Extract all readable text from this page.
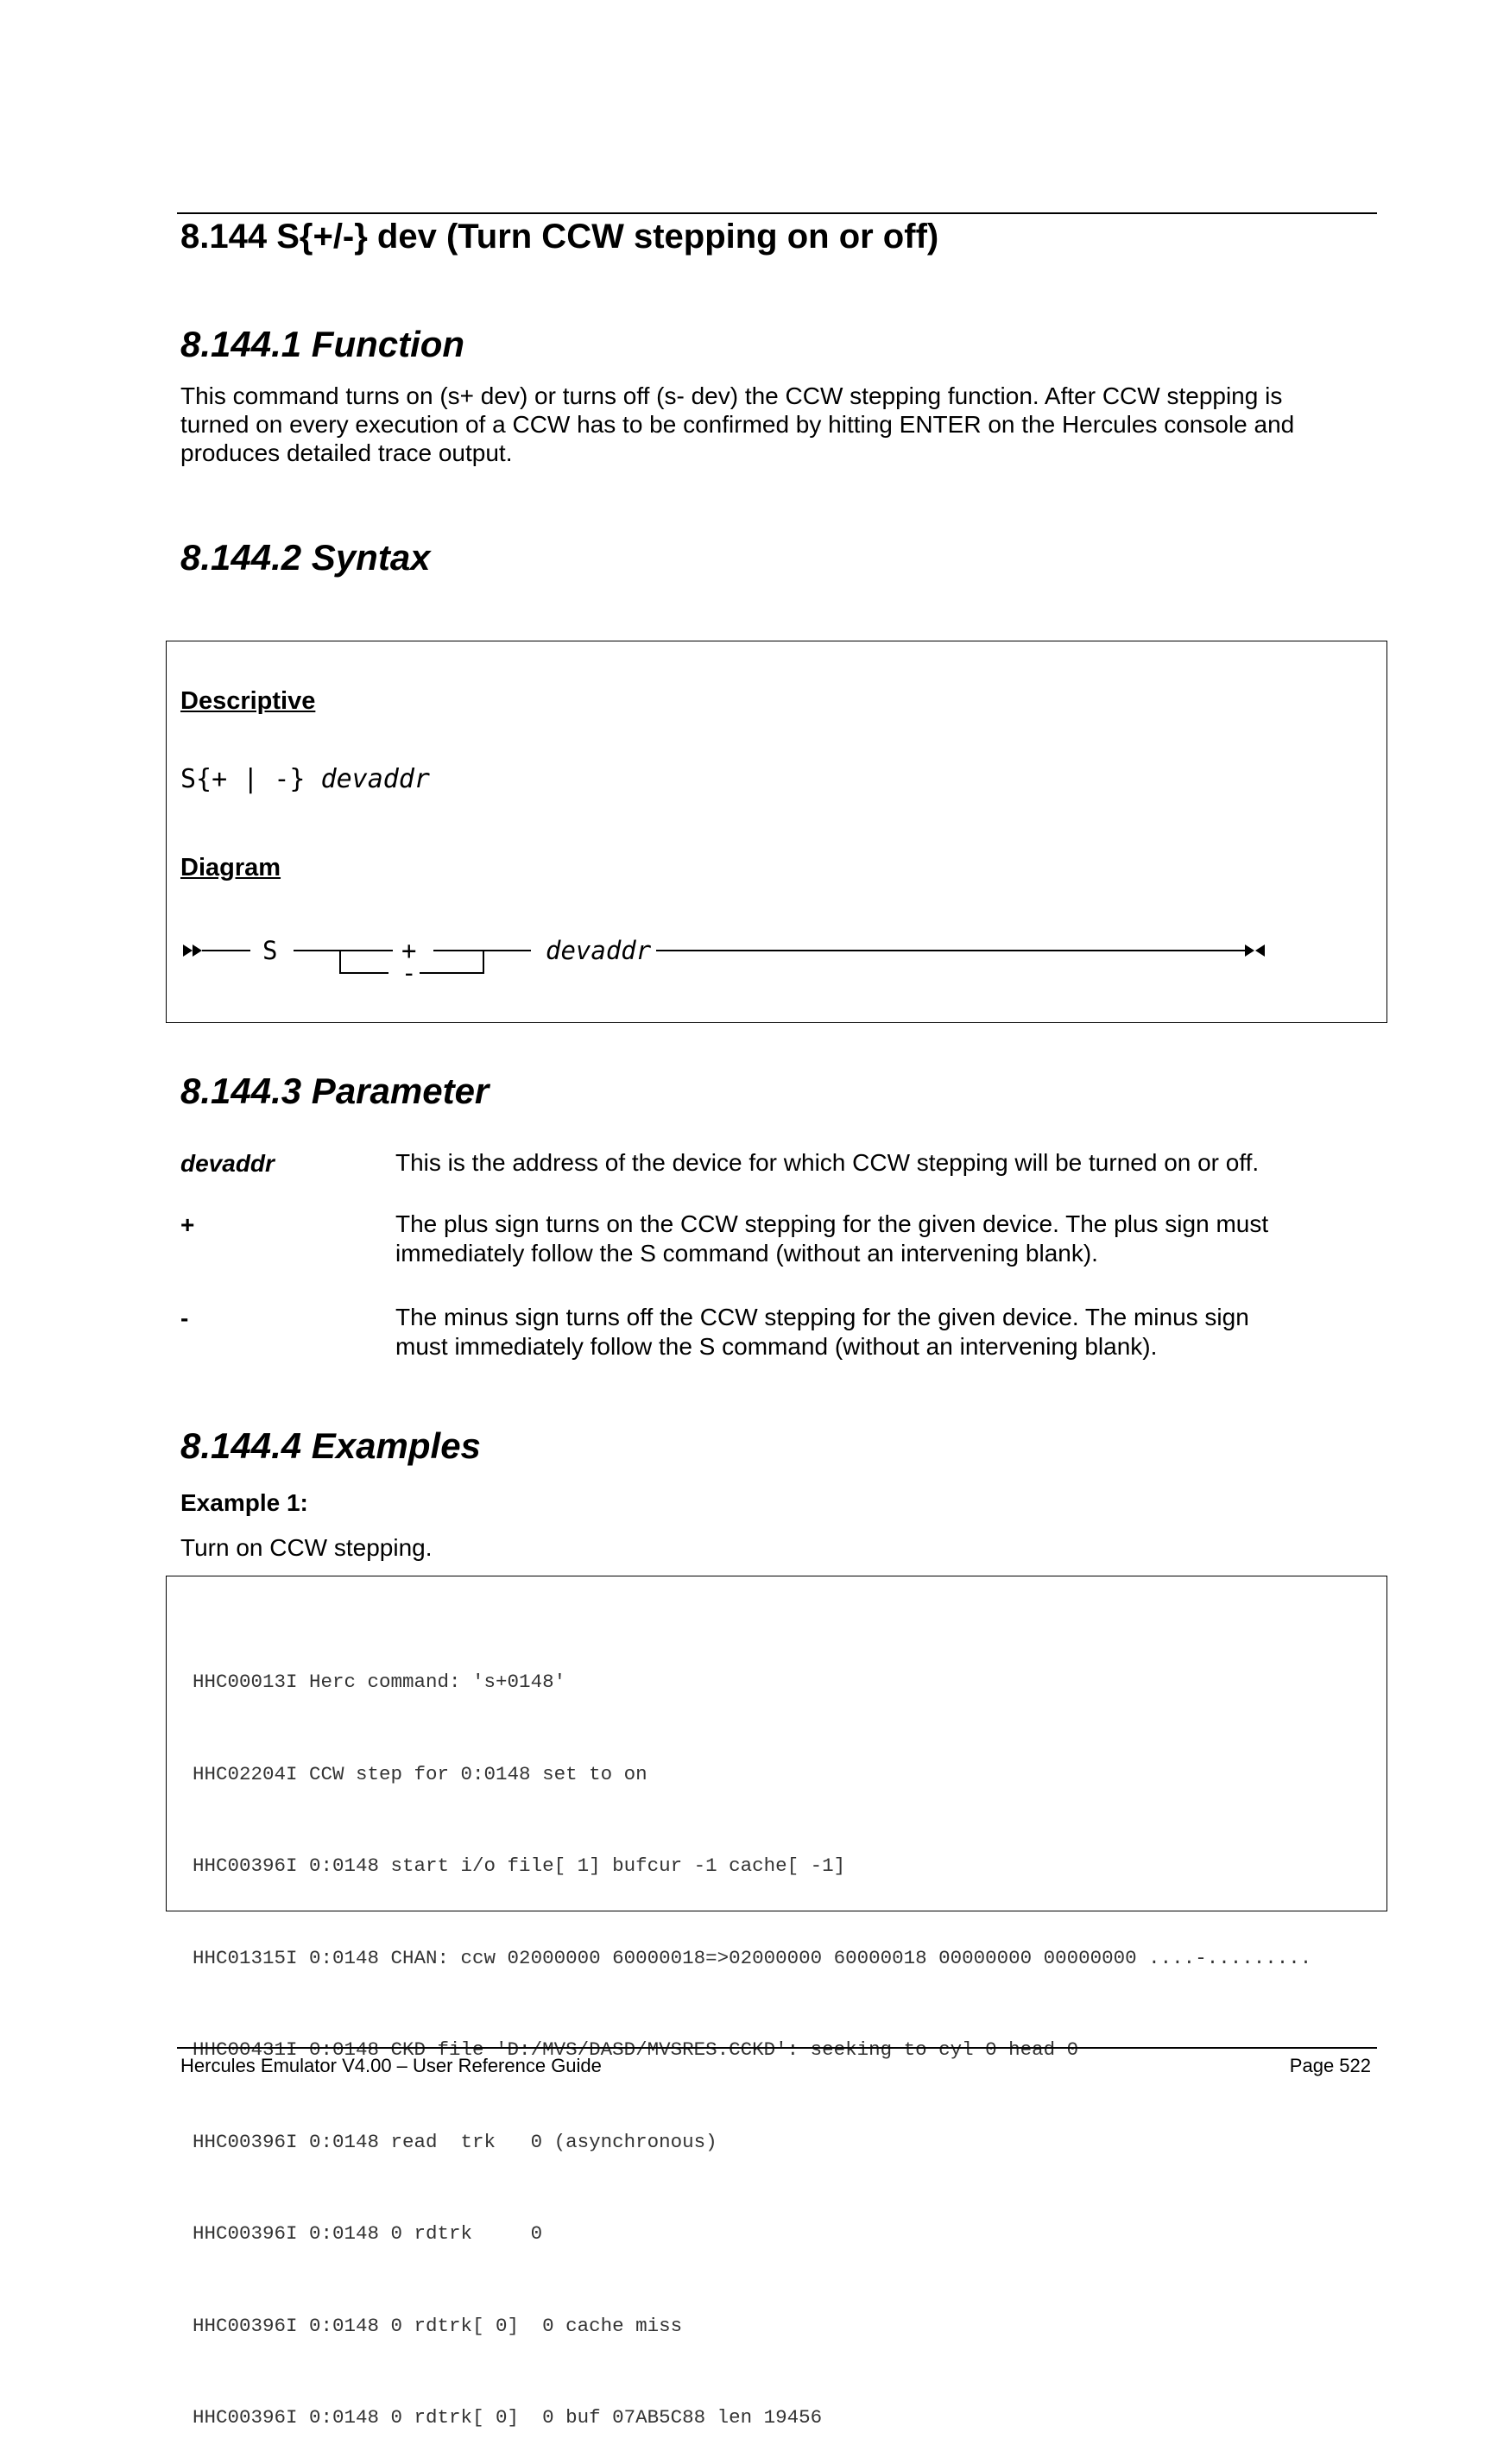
8.144 S{+/-} dev (Turn CCW stepping on or off)
8.144.1 Function
This command turns on (s+ dev) or turns off (s- dev) the CCW stepping function. After CCW stepping is
turned on every execution of a CCW has to be confirmed by hitting ENTER on the Hercules console and
produces detailed trace output.
8.144.2 Syntax
Descriptive
S{+ | -} devaddr
Diagram
S	+
-
devaddr
8.144.3 Parameter
devaddr	This is the address of the device for which CCW stepping will be turned on or off.
+	The plus sign turns on the CCW stepping for the given device. The plus sign must
immediately follow the S command (without an intervening blank).
-	The minus sign turns off the CCW stepping for the given device. The minus sign
must immediately follow the S command (without an intervening blank).
8.144.4 Examples
Example 1:
Turn on CCW stepping.

HHC00013I Herc command: 's+0148'

HHC02204I CCW step for 0:0148 set to on

HHC00396I 0:0148 start i/o file[ 1] bufcur -1 cache[ -1]

HHC01315I 0:0148 CHAN: ccw 02000000 60000018=>02000000 60000018 00000000 00000000 ....-.........

HHC00431I 0:0148 CKD file 'D:/MVS/DASD/MVSRES.CCKD': seeking to cyl 0 head 0

HHC00396I 0:0148 read  trk   0 (asynchronous)

HHC00396I 0:0148 0 rdtrk     0

HHC00396I 0:0148 0 rdtrk[ 0]  0 cache miss

HHC00396I 0:0148 0 rdtrk[ 0]  0 buf 07AB5C88 len 19456

Hercules Emulator V4.00 – User Reference Guide	Page 522
